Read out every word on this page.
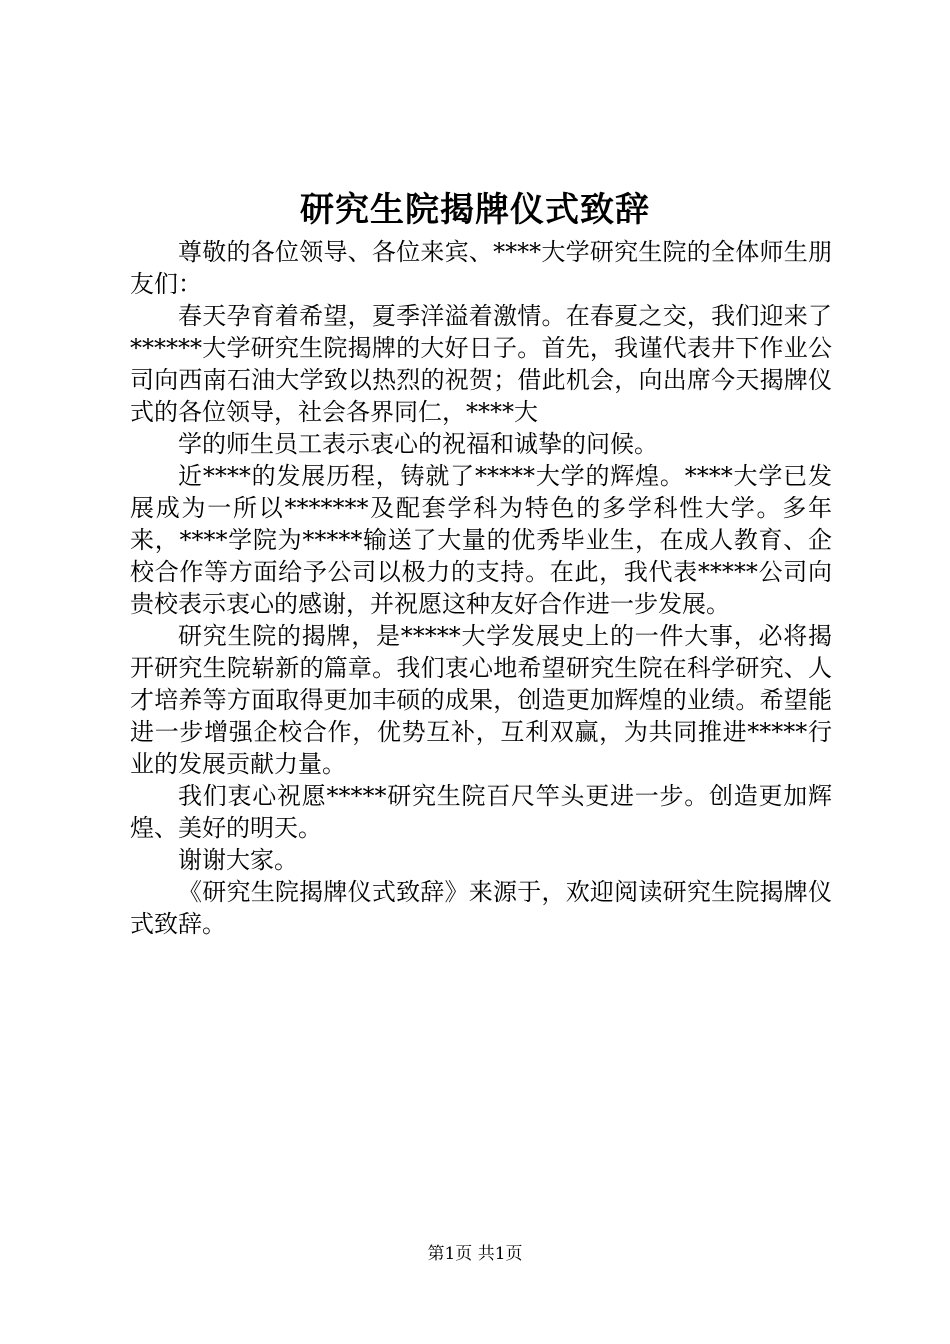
研究生院揭牌仪式致辞

尊敬的各位领导、各位来宾、****大学研究生院的全体师生朋友们：

春天孕育着希望，夏季洋溢着激情。在春夏之交，我们迎来了******大学研究生院揭牌的大好日子。首先，我谨代表井下作业公司向西南石油大学致以热烈的祝贺；借此机会，向出席今天揭牌仪式的各位领导，社会各界同仁，****大

学的师生员工表示衷心的祝福和诚挚的问候。

近****的发展历程，铸就了*****大学的辉煌。****大学已发展成为一所以*******及配套学科为特色的多学科性大学。多年来，****学院为*****输送了大量的优秀毕业生，在成人教育、企校合作等方面给予公司以极力的支持。在此，我代表*****公司向贵校表示衷心的感谢，并祝愿这种友好合作进一步发展。

研究生院的揭牌，是*****大学发展史上的一件大事，必将揭开研究生院崭新的篇章。我们衷心地希望研究生院在科学研究、人才培养等方面取得更加丰硕的成果，创造更加辉煌的业绩。希望能进一步增强企校合作，优势互补，互利双赢，为共同推进*****行业的发展贡献力量。

我们衷心祝愿*****研究生院百尺竿头更进一步。创造更加辉煌、美好的明天。

谢谢大家。

《研究生院揭牌仪式致辞》来源于，欢迎阅读研究生院揭牌仪式致辞。

第1页 共1页
